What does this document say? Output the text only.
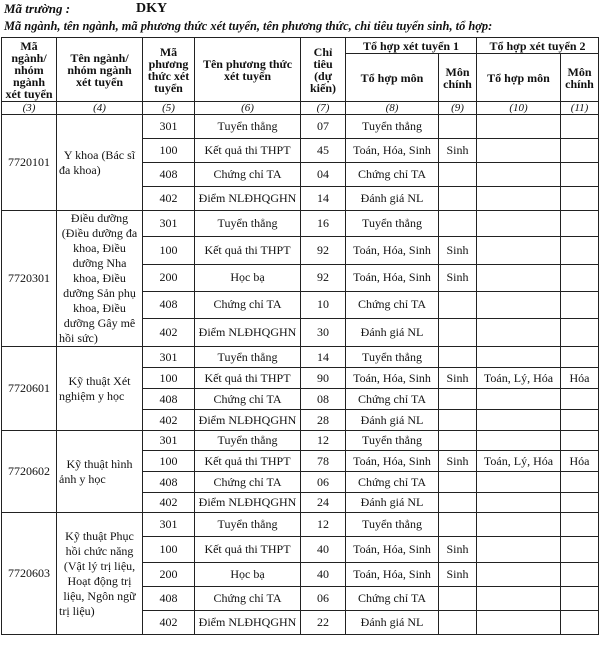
Mã trường :	DKY
Mã ngành, tên ngành, mã phương thức xét tuyển, tên phương thức, chỉ tiêu tuyển sinh, tổ hợp:
Mã ngành/ nhóm ngành xét tuyển	Tên ngành/ nhóm ngành xét tuyển	Mã phương thức xét tuyển	Tên phương thức xét tuyển	Chỉ tiêu (dự kiến)	Tổ hợp xét tuyển 1		Tổ hợp xét tuyển 2	
					Tổ hợp môn	Môn chính	Tổ hợp môn	Môn chính
(3)	(4)	(5)	(6)	(7)	(8)	(9)	(10)	(11)
7720101	Y khoa (Bác sĩ đa khoa)	301	Tuyển thẳng	07	Tuyển thẳng			
		100	Kết quả thi THPT	45	Toán, Hóa, Sinh	Sinh		
		408	Chứng chỉ TA	04	Chứng chỉ TA			
		402	Điểm NLĐHQGHN	14	Đánh giá NL			
7720301	Điều dưỡng (Điều dưỡng đa khoa, Điều dưỡng Nha khoa, Điều dưỡng Sản phụ khoa, Điều dưỡng Gây mê hồi sức)	301	Tuyển thẳng	16	Tuyển thẳng			
		100	Kết quả thi THPT	92	Toán, Hóa, Sinh	Sinh		
		200	Học bạ	92	Toán, Hóa, Sinh	Sinh		
		408	Chứng chỉ TA	10	Chứng chỉ TA			
		402	Điểm NLĐHQGHN	30	Đánh giá NL			
7720601	Kỹ thuật Xét nghiệm y học	301	Tuyển thẳng	14	Tuyển thẳng			
		100	Kết quả thi THPT	90	Toán, Hóa, Sinh	Sinh	Toán, Lý, Hóa	Hóa
		408	Chứng chỉ TA	08	Chứng chỉ TA			
		402	Điểm NLĐHQGHN	28	Đánh giá NL			
7720602	Kỹ thuật hình ảnh y học	301	Tuyển thẳng	12	Tuyển thẳng			
		100	Kết quả thi THPT	78	Toán, Hóa, Sinh	Sinh	Toán, Lý, Hóa	Hóa
		408	Chứng chỉ TA	06	Chứng chỉ TA			
		402	Điểm NLĐHQGHN	24	Đánh giá NL			
7720603	Kỹ thuật Phục hồi chức năng (Vật lý trị liệu, Hoạt động trị liệu, Ngôn ngữ trị liệu)	301	Tuyển thẳng	12	Tuyển thẳng			
		100	Kết quả thi THPT	40	Toán, Hóa, Sinh	Sinh		
		200	Học bạ	40	Toán, Hóa, Sinh	Sinh		
		408	Chứng chỉ TA	06	Chứng chỉ TA			
		402	Điểm NLĐHQGHN	22	Đánh giá NL			
